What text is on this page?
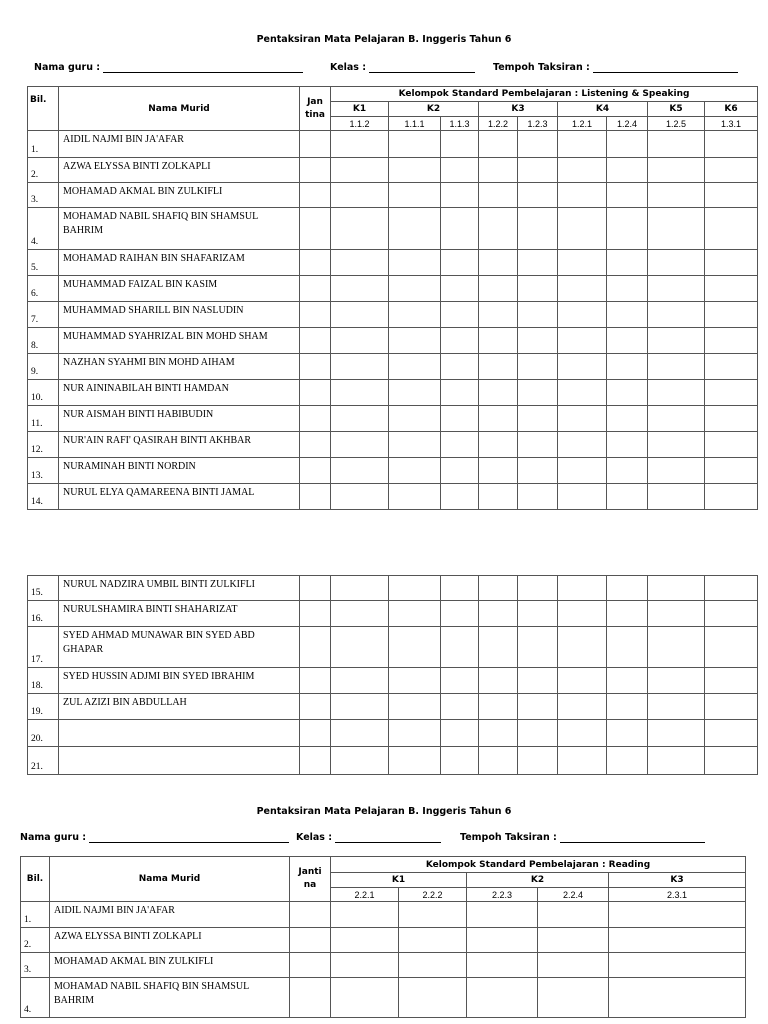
Pentaksiran Mata Pelajaran B. Inggeris Tahun 6
Nama guru :	Kelas :	Tempoh Taksiran :
Bil.	Nama Murid	Jan tina	Kelompok Standard Pembelajaran : Listening & Speaking								
			K1	K2		K3		K4		K5	K6
			1.1.2	1.1.1	1.1.3	1.2.2	1.2.3	1.2.1	1.2.4	1.2.5	1.3.1
1.	AIDIL NAJMI BIN JA'AFAR										
2.	AZWA ELYSSA BINTI ZOLKAPLI										
3.	MOHAMAD AKMAL BIN ZULKIFLI										
4.	MOHAMAD NABIL SHAFIQ BIN SHAMSUL BAHRIM										
5.	MOHAMAD RAIHAN BIN SHAFARIZAM										
6.	MUHAMMAD FAIZAL BIN KASIM										
7.	MUHAMMAD SHARILL BIN NASLUDIN										
8.	MUHAMMAD SYAHRIZAL BIN MOHD SHAM										
9.	NAZHAN SYAHMI BIN MOHD AIHAM										
10.	NUR AININABILAH BINTI HAMDAN										
11.	NUR AISMAH BINTI HABIBUDIN										
12.	NUR'AIN RAFI' QASIRAH BINTI AKHBAR										
13.	NURAMINAH BINTI NORDIN										
14.	NURUL ELYA QAMAREENA BINTI JAMAL										
15.	NURUL NADZIRA UMBIL BINTI ZULKIFLI										
16.	NURULSHAMIRA BINTI SHAHARIZAT										
17.	SYED AHMAD MUNAWAR BIN SYED ABD GHAPAR										
18.	SYED HUSSIN ADJMI BIN SYED IBRAHIM										
19.	ZUL AZIZI BIN ABDULLAH										
20.											
21.											
Pentaksiran Mata Pelajaran B. Inggeris Tahun 6
Nama guru :	Kelas :	Tempoh Taksiran :
Bil.	Nama Murid	Janti na	Kelompok Standard Pembelajaran : Reading				
			K1		K2		K3
			2.2.1	2.2.2	2.2.3	2.2.4	2.3.1
1.	AIDIL NAJMI BIN JA'AFAR						
2.	AZWA ELYSSA BINTI ZOLKAPLI						
3.	MOHAMAD AKMAL BIN ZULKIFLI						
4.	MOHAMAD NABIL SHAFIQ BIN SHAMSUL BAHRIM						
